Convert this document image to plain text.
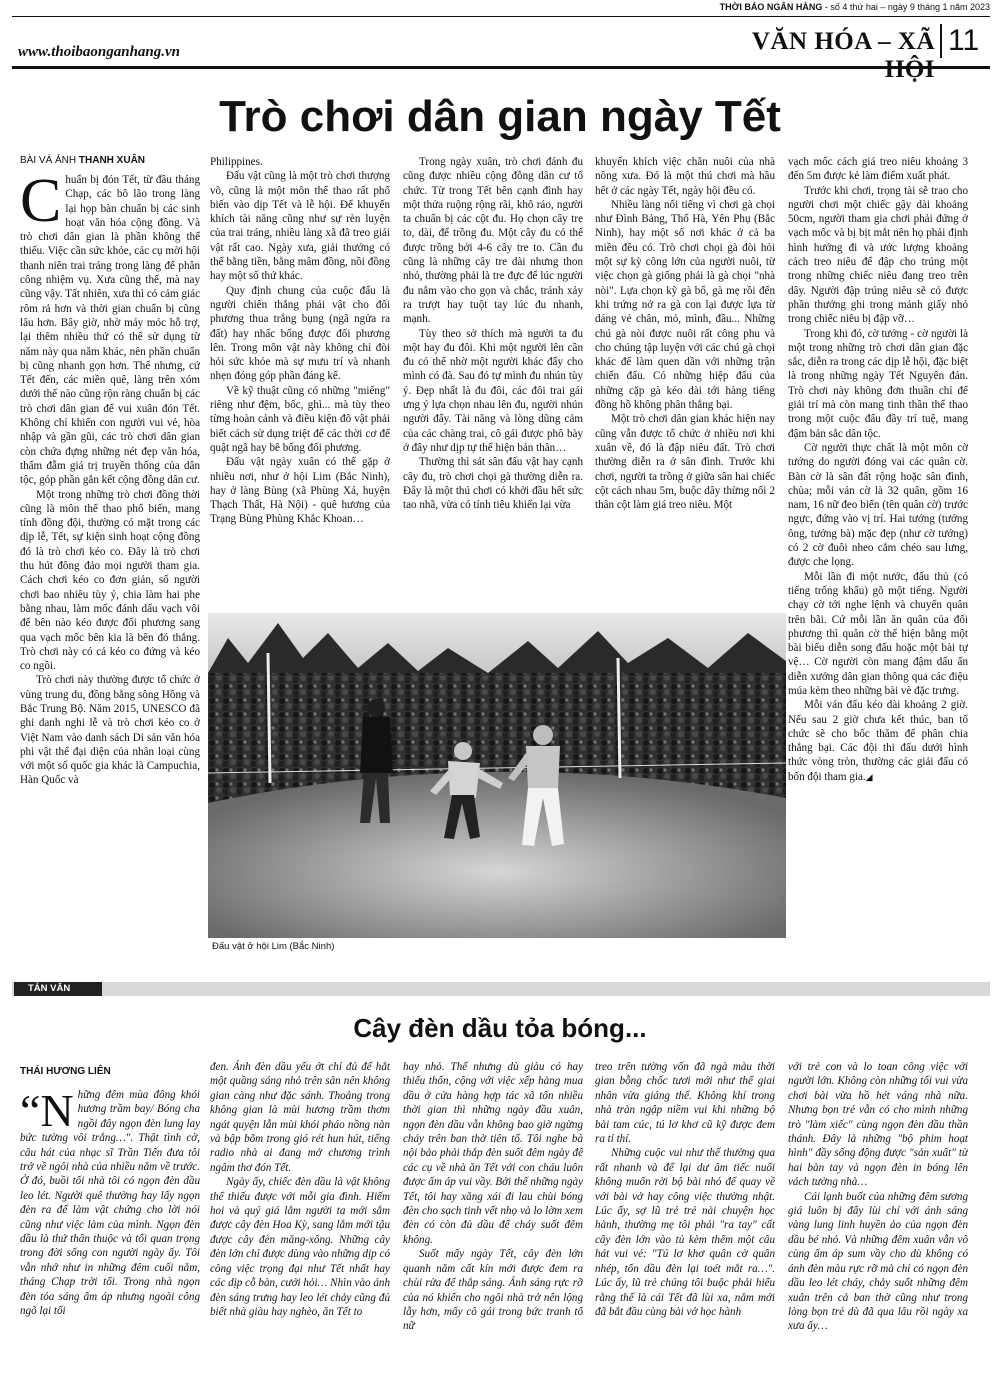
THỜI BÁO NGÂN HÀNG - số 4 thứ hai – ngày 9 tháng 1 năm 2023
www.thoibaonganhang.vn	VĂN HÓA – XÃ HỘI
11
Trò chơi dân gian ngày Tết
BÀI VÀ ẢNH THANH XUÂN

Chuẩn bị đón Tết, từ đầu tháng Chạp, các bô lão trong làng lại họp bàn chuẩn bị các sinh hoạt văn hóa cộng đồng. Và trò chơi dân gian là phần không thể thiếu. Việc cần sức khỏe, các cụ mời hội thanh niên trai tráng trong làng để phân công nhiệm vụ. Xưa cũng thế, mà nay cũng vậy. Tất nhiên, xưa thì có cảm giác rôm rả hơn và thời gian chuẩn bị cũng lâu hơn. Bây giờ, nhờ máy móc hỗ trợ, lại thêm nhiều thứ có thể sử dụng từ năm này qua năm khác, nên phần chuẩn bị cũng nhanh gọn hơn. Thế nhưng, cứ Tết đến, các miền quê, làng trên xóm dưới thế nào cũng rộn ràng chuẩn bị các trò chơi dân gian để vui xuân đón Tết. Không chỉ khiến con người vui vẻ, hòa nhập và gần gũi, các trò chơi dân gian còn chứa đựng những nét đẹp văn hóa, thấm đẫm giá trị truyền thống của dân tộc, góp phần gắn kết cộng đồng dân cư.

Một trong những trò chơi đồng thời cũng là môn thể thao phổ biến, mang tính đồng đội, thường có mặt trong các dịp lễ, Tết, sự kiện sinh hoạt cộng đồng đó là trò chơi kéo co. Đây là trò chơi thu hút đông đảo mọi người tham gia. Cách chơi kéo co đơn giản, số người chơi bao nhiêu tùy ý, chia làm hai phe bằng nhau, làm mốc đánh dấu vạch vôi để bên nào kéo được đối phương sang qua vạch mốc bên kia là bên đó thắng. Trò chơi này có cả kéo co đứng và kéo co ngồi.

Trò chơi này thường được tổ chức ở vùng trung du, đồng bằng sông Hồng và Bắc Trung Bộ. Năm 2015, UNESCO đã ghi danh nghi lễ và trò chơi kéo co ở Việt Nam vào danh sách Di sản văn hóa phi vật thể đại diện của nhân loại cùng với một số quốc gia khác là Campuchia, Hàn Quốc và

Philippines.

Đấu vật cũng là một trò chơi thượng võ, cũng là một môn thể thao rất phổ biến vào dịp Tết và lễ hội. Để khuyến khích tài năng cũng như sự rèn luyện của trai tráng, nhiều làng xã đã treo giải vật rất cao. Ngày xưa, giải thưởng có thể bằng tiền, bằng mâm đồng, nồi đồng hay một số thứ khác.

Quy định chung của cuộc đấu là người chiến thắng phải vật cho đối phương thua trắng bụng (ngã ngửa ra đất) hay nhấc bổng được đối phương lên. Trong môn vật này không chỉ đòi hỏi sức khỏe mà sự mưu trí và nhanh nhẹn đóng góp phần đáng kể.

Về kỹ thuật cũng có những "miếng" riêng như đệm, bốc, ghì... mà tùy theo từng hoàn cảnh và điều kiện đô vật phải biết cách sử dụng triệt để các thời cơ để quật ngã hay bê bổng đối phương.

Đấu vật ngày xuân có thể gặp ở nhiều nơi, như ở hội Lim (Bắc Ninh), hay ở làng Bùng (xã Phùng Xá, huyện Thạch Thất, Hà Nội) - quê hương của Trạng Bùng Phùng Khắc Khoan…

Trong ngày xuân, trò chơi đánh đu cũng được nhiều cộng đồng dân cư tổ chức. Từ trong Tết bên cạnh đình hay một thửa ruộng rộng rãi, khô ráo, người ta chuẩn bị các cột đu. Họ chọn cây tre to, dài, để trồng đu. Một cây đu có thể được trồng bởi 4-6 cây tre to. Cần đu cũng là những cây tre dài nhưng thon nhỏ, thường phải là tre đực để lúc người đu nắm vào cho gọn và chắc, tránh xảy ra trượt hay tuột tay lúc đu nhanh, mạnh.

Tùy theo sở thích mà người ta đu một hay đu đôi. Khi một người lên cần đu có thể nhờ một người khác đẩy cho mình có đà. Sau đó tự mình đu nhún tùy ý. Đẹp nhất là đu đôi, các đôi trai gái ưng ý lựa chọn nhau lên đu, người nhún người đẩy. Tài năng và lòng dũng cảm của các chàng trai, cô gái được phô bày ở đây như dịp tự thể hiện bản thân…

Thường thì sát sân đấu vật hay cạnh cây đu, trò chơi chọi gà thường diễn ra. Đây là một thú chơi có khởi đầu hết sức tao nhã, vừa có tính tiêu khiển lại vừa

khuyến khích việc chăn nuôi của nhà nông xưa. Đó là một thú chơi mà hầu hết ở các ngày Tết, ngày hội đều có.

Nhiều làng nổi tiếng vì chơi gà chọi như Đình Bảng, Thổ Hà, Yên Phụ (Bắc Ninh), hay một số nơi khác ở cả ba miền đều có. Trò chơi chọi gà đòi hỏi một sự kỳ công lớn của người nuôi, từ việc chọn gà giống phải là gà chọi "nhà nòi". Lựa chọn kỹ gà bố, gà mẹ rồi đến khi trứng nở ra gà con lại được lựa từ dáng vẻ chân, mỏ, mình, đầu... Những chú gà nòi được nuôi rất công phu và cho chúng tập luyện với các chú gà chọi khác để làm quen dần với những trận chiến đấu. Có những hiệp đấu của những cặp gà kéo dài tới hàng tiếng đồng hồ không phân thắng bại.

Một trò chơi dân gian khác hiện nay cũng vẫn được tổ chức ở nhiều nơi khi xuân về, đó là đập niêu đất. Trò chơi thường diễn ra ở sân đình. Trước khi chơi, người ta trồng ở giữa sân hai chiếc cột cách nhau 5m, buộc dây thừng nối 2 thân cột làm giá treo niêu. Một

vạch mốc cách giá treo niêu khoảng 3 đến 5m được kẻ làm điểm xuất phát.

Trước khi chơi, trọng tài sẽ trao cho người chơi một chiếc gậy dài khoảng 50cm, người tham gia chơi phải đứng ở vạch mốc và bị bịt mắt nên họ phải định hình hướng đi và ước lượng khoảng cách treo niêu để đập cho trúng một trong những chiếc niêu đang treo trên dây. Người đập trúng niêu sẽ có được phần thưởng ghi trong mảnh giấy nhỏ trong chiếc niêu bị đập vỡ…

Trong khi đó, cờ tướng - cờ người là một trong những trò chơi dân gian đặc sắc, diễn ra trong các dịp lễ hội, đặc biệt là trong những ngày Tết Nguyên đán. Trò chơi này không đơn thuần chỉ để giải trí mà còn mang tinh thần thể thao trong một cuộc đấu đầy trí tuệ, mang đậm bản sắc dân tộc.

Cờ người thực chất là một môn cờ tướng do người đóng vai các quân cờ. Bàn cờ là sân đất rộng hoặc sân đình, chùa; mỗi ván cờ là 32 quân, gồm 16 nam, 16 nữ đeo biển (tên quân cờ) trước ngực, đứng vào vị trí. Hai tướng (tướng ông, tướng bà) mặc đẹp (như cờ tướng) có 2 cờ đuôi nheo cắm chéo sau lưng, được che lọng.

Mỗi lần đi một nước, đấu thủ (có tiếng trống khẩu) gõ một tiếng. Người chạy cờ tới nghe lệnh và chuyển quân trên bãi. Cứ mỗi lần ăn quân của đối phương thì quân cờ thể hiện bằng một bài biểu diễn song đấu hoặc một bài tự vệ… Cờ người còn mang đậm dấu ấn diễn xướng dân gian thông qua các điệu múa kèm theo những bài vè đặc trưng.

Mỗi ván đấu kéo dài khoảng 2 giờ. Nếu sau 2 giờ chưa kết thúc, ban tổ chức sẽ cho bốc thăm để phân chia thắng bại. Các đội thi đấu dưới hình thức vòng tròn, thường các giải đấu có bốn đội tham gia.◢

Đấu vật ở hội Lim (Bắc Ninh)
TẢN VĂN
Cây đèn dầu tỏa bóng...
THÁI HƯƠNG LIÊN

“Những đêm mùa đông khói hương trầm bay/ Bóng cha ngồi đây ngọn đèn lung lay bức tường vôi trắng…". Thật tình cờ, câu hát của nhạc sĩ Trần Tiến đưa tôi trở về ngôi nhà của nhiều năm về trước. Ở đó, buồi tối nhà tôi có ngọn đèn dầu leo lét. Người quê thường hay lấy ngọn đèn ra để làm vật chứng cho lời nói cũng như việc làm của mình. Ngọn đèn dầu là thứ thân thuộc và tối quan trọng trong đời sống con người ngày ấy. Tôi vẫn nhớ như in những đêm cuối năm, tháng Chạp trời tối. Trong nhà ngọn đèn tỏa sáng ấm áp nhưng ngoài công ngõ lại tối

đen. Ánh đèn dầu yếu ớt chỉ đủ để hắt một quầng sáng nhỏ trên sân nên không gian càng như đặc sánh. Thoảng trong không gian là mùi hương trầm thơm ngát quyện lẫn mùi khói pháo nồng nàn và bập bõm trong gió rét hun hút, tiếng radio nhà ai đang mở chương trình ngâm thơ đón Tết.

Ngày ấy, chiếc đèn dầu là vật không thể thiếu được với mỗi gia đình. Hiếm hoi và quý giá lắm người ta mới sắm được cây đèn Hoa Kỳ, sang lắm mới tậu được cây đèn măng-xông. Những cây đèn lớn chỉ được dùng vào những dịp có công việc trọng đại như Tết nhất hay các dịp cỗ bàn, cưới hỏi… Nhìn vào ánh đèn sáng trưng hay leo lét chảy cũng đủ biết nhà giàu hay nghèo, ăn Tết to

hay nhỏ. Thế nhưng dù giàu có hay thiếu thốn, cộng với việc xếp hàng mua dầu ở cửa hàng hợp tác xã tốn nhiều thời gian thì những ngày đầu xuân, ngọn đèn dầu vẫn không bao giờ ngừng cháy trên ban thờ tiên tổ. Tôi nghe bà nội bảo phải thắp đèn suốt đêm ngày để các cụ về nhà ăn Tết với con cháu luôn được ấm áp vui vầy. Bởi thế những ngày Tết, tôi hay xăng xái đi lau chùi bóng đèn cho sạch tinh vết nhọ và lo lờm xem đèn có còn đủ dầu để cháy suốt đêm không.

Suốt mấy ngày Tết, cây đèn lớn quanh năm cất kín mới được đem ra chùi rửa để thắp sáng. Ánh sáng rực rỡ của nó khiến cho ngôi nhà trở nên lộng lẫy hơn, mấy cô gái trong bức tranh tố nữ

treo trên tường vốn đã ngà màu thời gian bỗng chốc tươi mới như thể giai nhân vừa giáng thế. Không khí trong nhà tràn ngập niềm vui khi những bộ bài tam cúc, tú lơ khơ cũ kỹ được đem ra tỉ thí.

Những cuộc vui như thế thường qua rất nhanh và để lại dư âm tiếc nuối không muốn rời bộ bài nhỏ để quay về với bài vở hay công việc thường nhật. Lúc ấy, sợ lũ trẻ trẻ nài chuyện học hành, thường mẹ tôi phải "ra tay" cất cây đèn lớn vào tủ kèm thêm một câu hát vui vẻ: "Tú lơ khơ quân cờ quân nhép, tốn dầu đèn lại toét mắt ra…". Lúc ấy, lũ trẻ chúng tôi buộc phải hiểu rằng thế là cái Tết đã lùi xa, năm mới đã bắt đầu cùng bài vở học hành

với trẻ con và lo toan công việc với người lớn. Không còn những tối vui vừa chơi bài vừa hồ hét váng nhà nữa. Nhưng bọn trẻ vẫn có cho mình những trò "làm xiếc" cùng ngọn đèn dầu thần thánh. Đây là những "bộ phim hoạt hình" đầy sống động được "sản xuất" từ hai bàn tay và ngọn đèn in bóng lên vách tường nhà…

Cái lạnh buốt của những đêm sương giá luôn bị đẩy lùi chỉ với ánh sáng vàng lung linh huyền ảo của ngọn đèn dầu bé nhỏ. Và những đêm xuân vẫn vô cùng ấm áp sum vầy cho dù không có ánh đèn màu rực rỡ mà chỉ có ngọn đèn dầu leo lét cháy, chảy suốt những đêm xuân trên cả ban thờ cũng như trong lòng bọn trẻ dù đã qua lâu rồi ngày xa xưa ấy…
